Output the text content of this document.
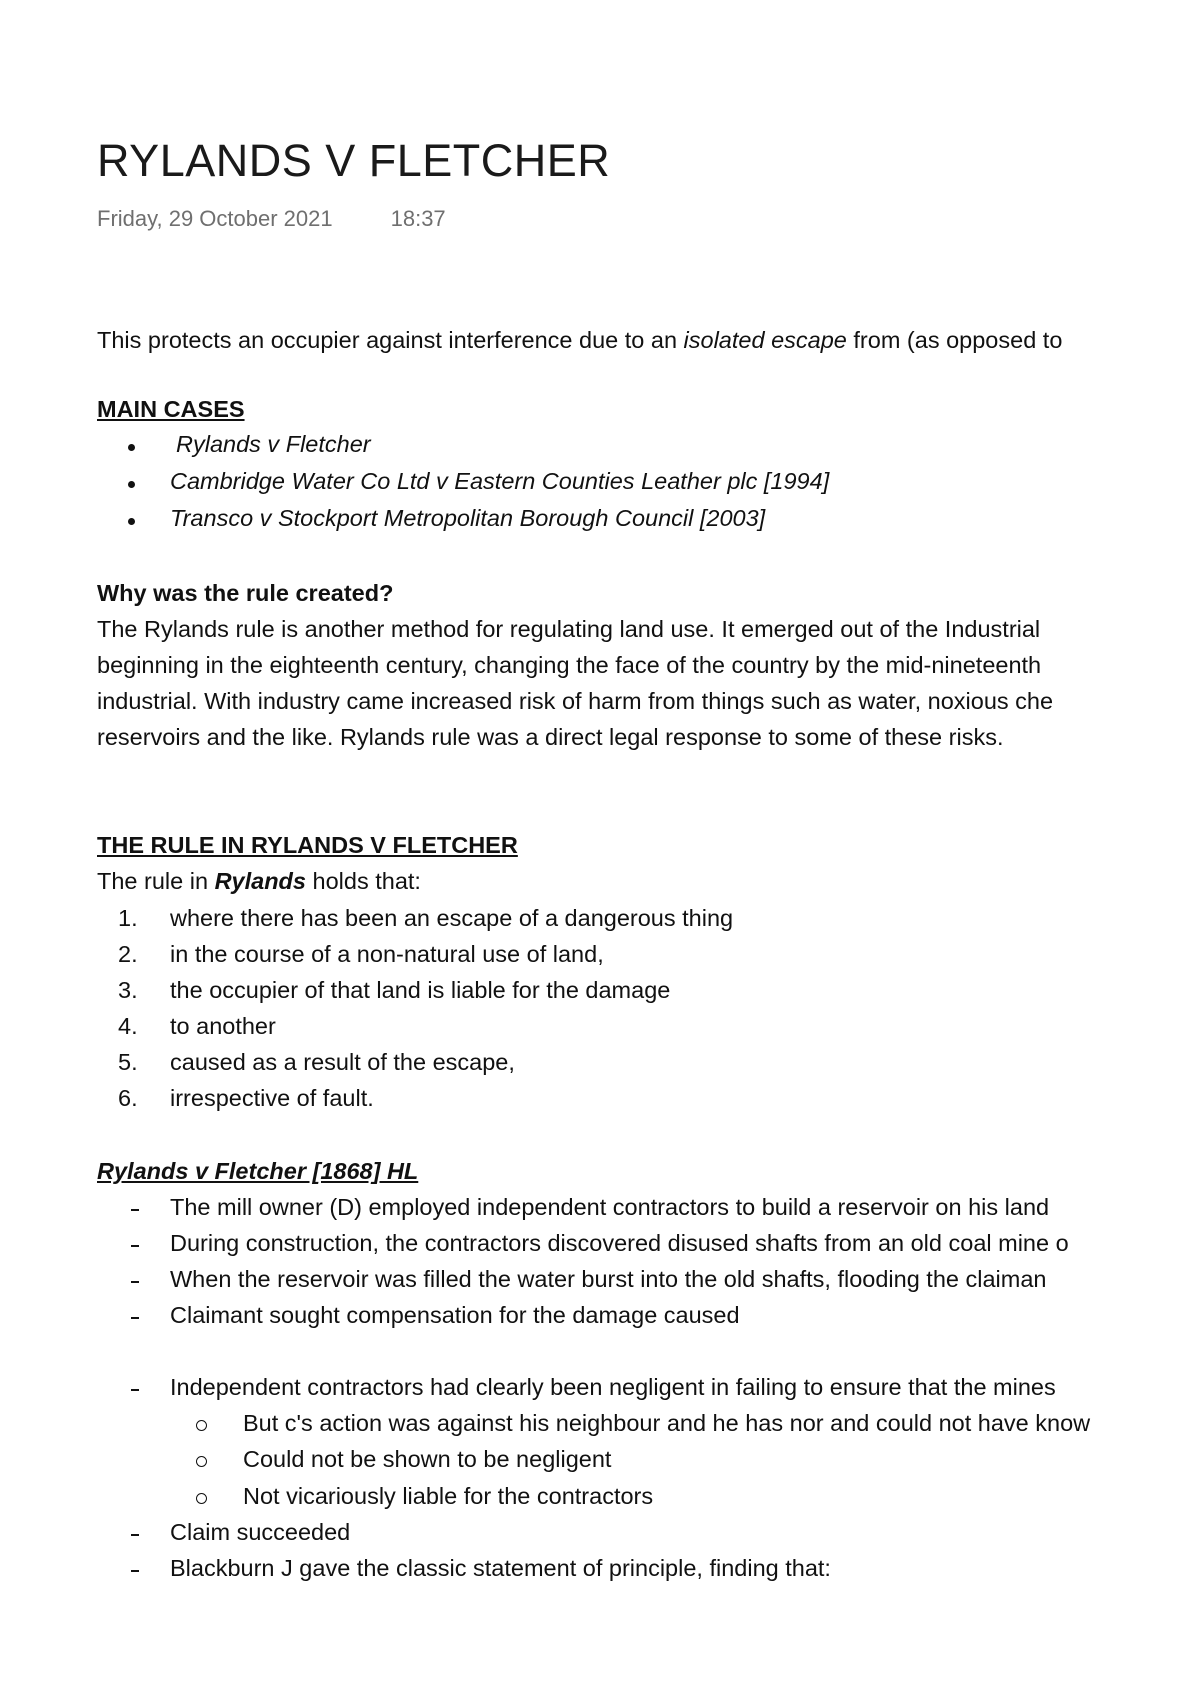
RYLANDS V FLETCHER
Friday, 29 October 2021	18:37
This protects an occupier against interference due to an isolated escape from (as opposed to
MAIN CASES
Rylands v Fletcher
Cambridge Water Co Ltd v Eastern Counties Leather plc [1994]
Transco v Stockport Metropolitan Borough Council [2003]
Why was the rule created?
The Rylands rule is another method for regulating land use. It emerged out of the Industrial
beginning in the eighteenth century, changing the face of the country by the mid-nineteenth
industrial. With industry came increased risk of harm from things such as water, noxious che
reservoirs and the like. Rylands rule was a direct legal response to some of these risks.
THE RULE IN RYLANDS V FLETCHER
The rule in Rylands holds that:
1. where there has been an escape of a dangerous thing
2. in the course of a non-natural use of land,
3. the occupier of that land is liable for the damage
4. to another
5. caused as a result of the escape,
6. irrespective of fault.
Rylands v Fletcher [1868] HL
The mill owner (D) employed independent contractors to build a reservoir on his land
During construction, the contractors discovered disused shafts from an old coal mine o
When the reservoir was filled the water burst into the old shafts, flooding the claiman
Claimant sought compensation for the damage caused
Independent contractors had clearly been negligent in failing to ensure that the mines
But c's action was against his neighbour and he has nor and could not have know
Could not be shown to be negligent
Not vicariously liable for the contractors
Claim succeeded
Blackburn J gave the classic statement of principle, finding that:
